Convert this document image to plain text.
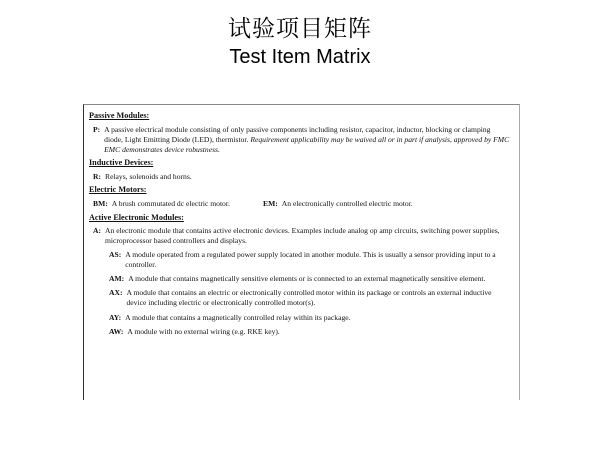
试验项目矩阵
Test Item Matrix
Passive Modules:
P: A passive electrical module consisting of only passive components including resistor, capacitor, inductor, blocking or clamping diode, Light Emitting Diode (LED), thermistor. Requirement applicability may be waived all or in part if analysis, approved by FMC EMC demonstrates device robustness.
Inductive Devices:
R: Relays, solenoids and horns.
Electric Motors:
BM: A brush commutated dc electric motor.	EM: An electronically controlled electric motor.
Active Electronic Modules:
A: An electronic module that contains active electronic devices. Examples include analog op amp circuits, switching power supplies, microprocessor based controllers and displays.
AS: A module operated from a regulated power supply located in another module. This is usually a sensor providing input to a controller.
AM: A module that contains magnetically sensitive elements or is connected to an external magnetically sensitive element.
AX: A module that contains an electric or electronically controlled motor within its package or controls an external inductive device including electric or electronically controlled motor(s).
AY: A module that contains a magnetically controlled relay within its package.
AW: A module with no external wiring (e.g. RKE key).
